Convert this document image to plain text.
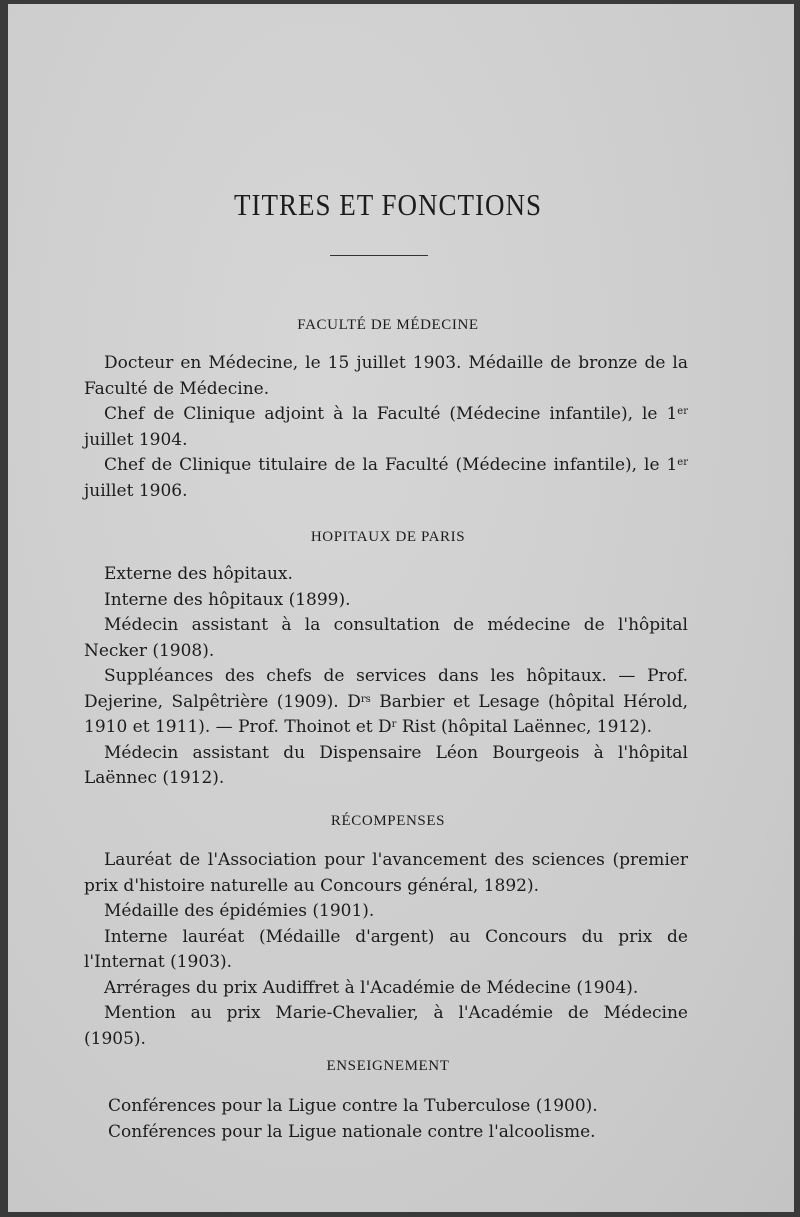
TITRES ET FONCTIONS
FACULTÉ DE MÉDECINE

Docteur en Médecine, le 15 juillet 1903. Médaille de bronze de la Faculté de Médecine.

Chef de Clinique adjoint à la Faculté (Médecine infantile), le 1er juillet 1904.

Chef de Clinique titulaire de la Faculté (Médecine infantile), le 1er juillet 1906.

HOPITAUX DE PARIS

Externe des hôpitaux.

Interne des hôpitaux (1899).

Médecin assistant à la consultation de médecine de l'hôpital Necker (1908).

Suppléances des chefs de services dans les hôpitaux. — Prof. Dejerine, Salpêtrière (1909). $D^{rs}$ Barbier et Lesage (hôpital Hérold, 1910 et 1911). — Prof. Thoinot et $D^r$ Rist (hôpital Laënnec, 1912).

Médecin assistant du Dispensaire Léon Bourgeois à l'hôpital Laënnec (1912).

RÉCOMPENSES

Lauréat de l'Association pour l'avancement des sciences (premier prix d'histoire naturelle au Concours général, 1892).

Médaille des épidémies (1901).

Interne lauréat (Médaille d'argent) au Concours du prix de l'Internat (1903).

Arrérages du prix Audiffret à l'Académie de Médecine (1904).

Mention au prix Marie-Chevalier, à l'Académie de Médecine (1905).

ENSEIGNEMENT

Conférences pour la Ligue contre la Tuberculose (1900).

Conférences pour la Ligue nationale contre l'alcoolisme.
